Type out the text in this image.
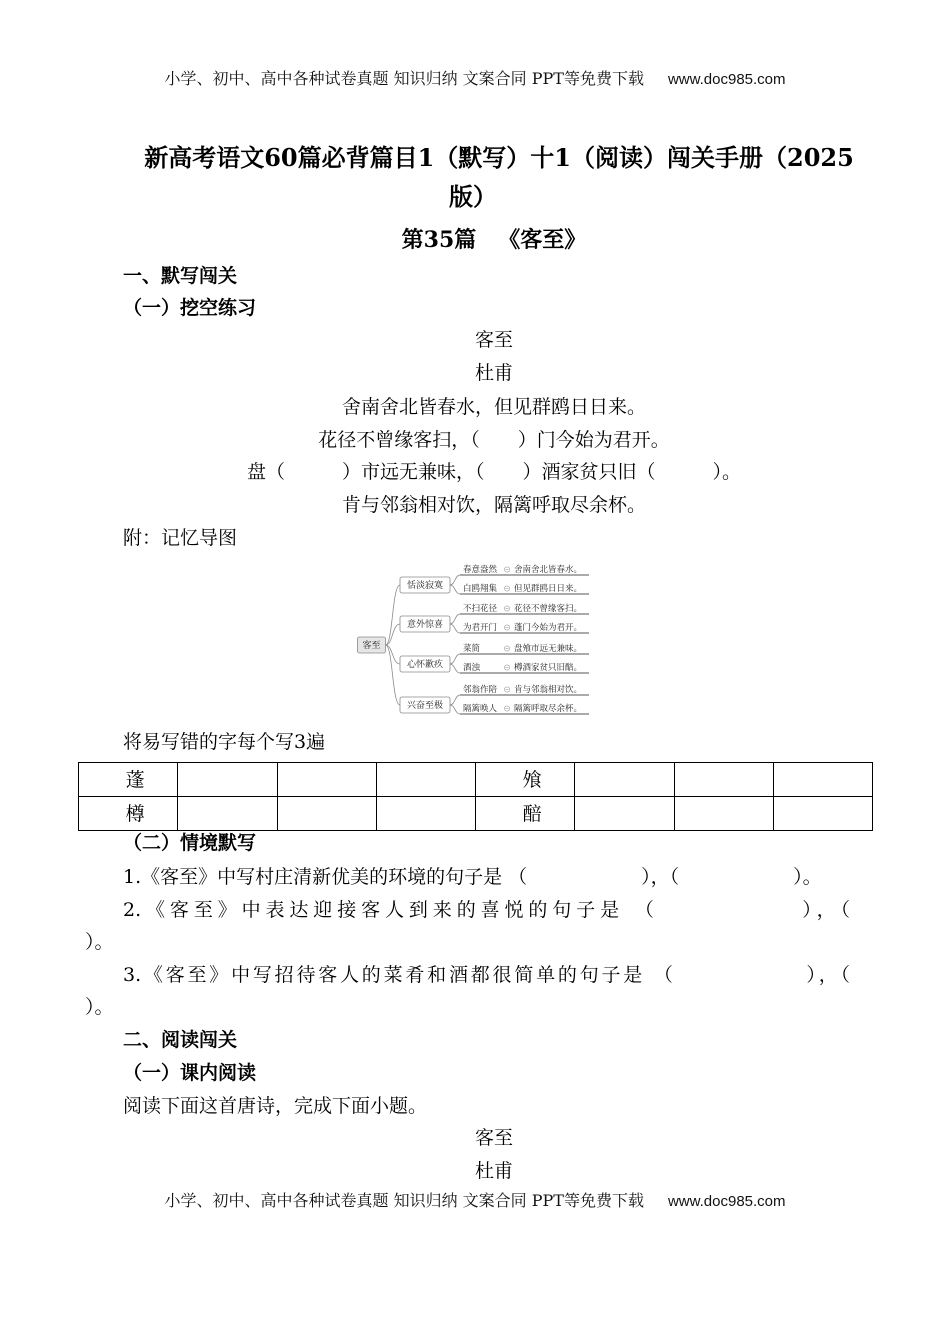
小学、初中、高中各种试卷真题 知识归纳 文案合同 PPT等免费下载 www.doc985.com
新高考语文60篇必背篇目1（默写）十1（阅读）闯关手册（2025
版）
第35篇 《客至》
一、默写闯关
（一）挖空练习
客至
杜甫
舍南舍北皆春水，但见群鸥日日来。
花径不曾缘客扫，（　　）门今始为君开。
盘（　　　）市远无兼味，（　　）酒家贫只旧（　　　）。
肯与邻翁相对饮，隔篱呼取尽余杯。
附：记忆导图
客至
恬淡寂寞
春意盎然 舍南舍北皆春水。
白鸥翔集 但见群鸥日日来。
意外惊喜
不扫花径 花径不曾缘客扫。
为君开门 蓬门今始为君开。
心怀歉疚
菜简	盘飧市远无兼味。
酒浊	樽酒家贫只旧醅。
兴奋至极
邻翁作陪 肯与邻翁相对饮。
隔篱唤人 隔篱呼取尽余杯。
将易写错的字每个写3遍
蓬				飧			
樽				醅			
（二）情境默写
1.《客至》中写村庄清新优美的环境的句子是 （　　　　　　），（　　　　　　）。
2.《客至》中表达迎接客人到来的喜悦的句子是 （　　　　　　），（
）。
3.《客至》中写招待客人的菜肴和酒都很简单的句子是 （　　　　　　），（
）。
二、阅读闯关
（一）课内阅读
阅读下面这首唐诗，完成下面小题。
客至
杜甫
小学、初中、高中各种试卷真题 知识归纳 文案合同 PPT等免费下载 www.doc985.com
